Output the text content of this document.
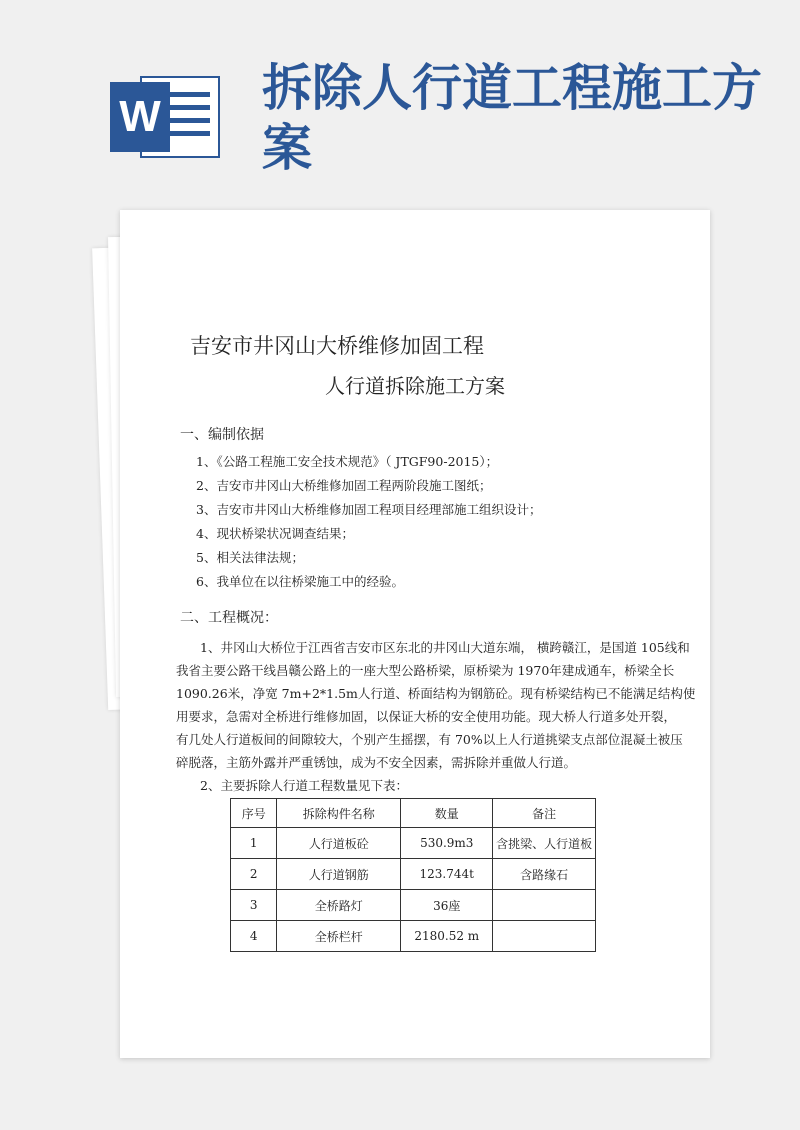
W 拆除人行道工程施工方案
吉安市井冈山大桥维修加固工程
人行道拆除施工方案
一、编制依据
1、《公路工程施工安全技术规范》（ JTGF90-2015）；
2、吉安市井冈山大桥维修加固工程两阶段施工图纸；
3、吉安市井冈山大桥维修加固工程项目经理部施工组织设计；
4、现状桥梁状况调查结果；
5、相关法律法规；
6、我单位在以往桥梁施工中的经验。
二、工程概况：
1、井冈山大桥位于江西省吉安市区东北的井冈山大道东端， 横跨赣江，是国道 105线和
我省主要公路干线昌赣公路上的一座大型公路桥梁，原桥梁为 1970年建成通车，桥梁全长
1090.26米，净宽 7m+2*1.5m人行道、桥面结构为钢筋砼。现有桥梁结构已不能满足结构使
用要求，急需对全桥进行维修加固，以保证大桥的安全使用功能。现大桥人行道多处开裂，
有几处人行道板间的间隙较大，个别产生摇摆，有 70%以上人行道挑梁支点部位混凝土被压
碎脱落，主筋外露并严重锈蚀，成为不安全因素，需拆除并重做人行道。
2、主要拆除人行道工程数量见下表：
序号	拆除构件名称	数量	备注
1	人行道板砼	530.9m3	含挑梁、人行道板
2	人行道钢筋	123.744t	含路缘石
3	全桥路灯	36座	
4	全桥栏杆	2180.52 m	
